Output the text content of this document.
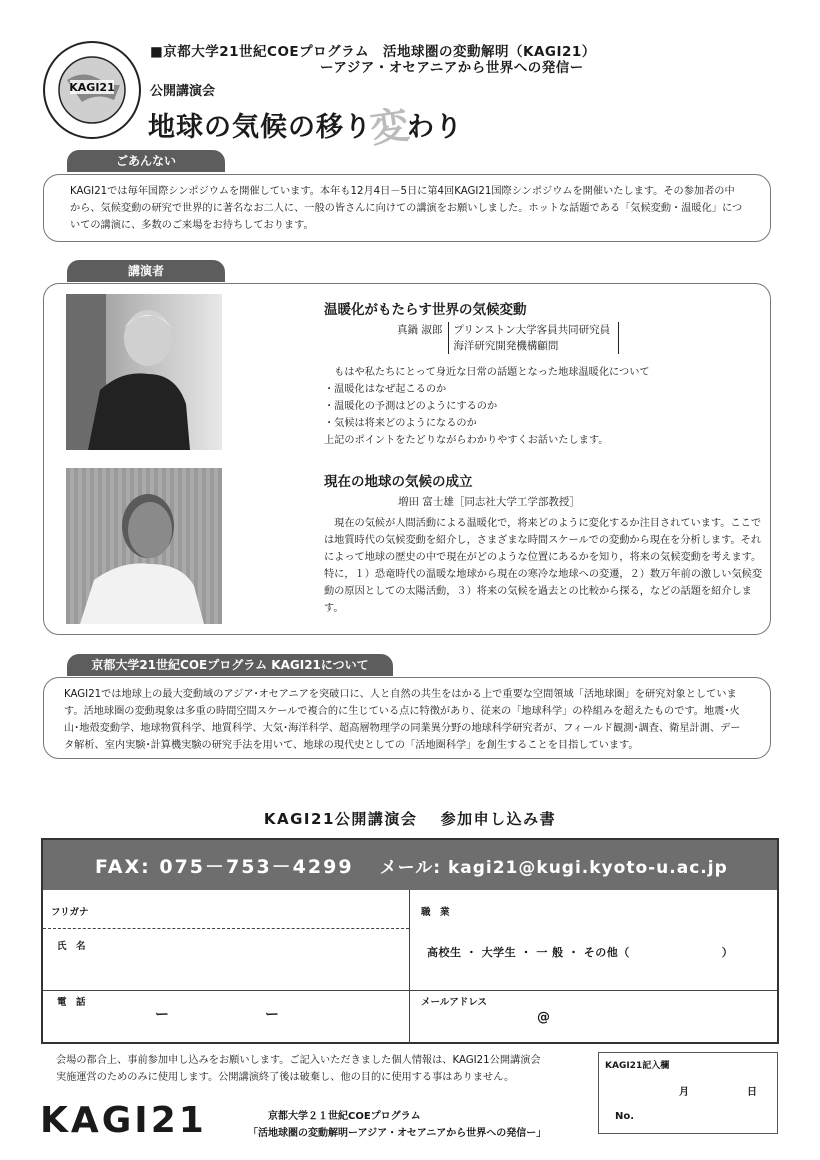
KAGI21
■京都大学21世紀COEプログラム　活地球圏の変動解明（KAGI21）
ーアジア・オセアニアから世界への発信ー
公開講演会
地球の気候の移り変わり
ごあんない
KAGI21では毎年国際シンポジウムを開催しています。本年も12月4日－5日に第4回KAGI21国際シンポジウムを開催いたします。その参加者の中から、気候変動の研究で世界的に著名なお二人に、一般の皆さんに向けての講演をお願いしました。ホットな話題である「気候変動・温暖化」についての講演に、多数のご来場をお待ちしております。
講演者
温暖化がもたらす世界の気候変動
真鍋 淑郎 プリンストン大学客員共同研究員
海洋研究開発機構顧問
　もはや私たちにとって身近な日常の話題となった地球温暖化について
・温暖化はなぜ起こるのか
・温暖化の予測はどのようにするのか
・気候は将来どのようになるのか
上記のポイントをたどりながらわかりやすくお話いたします。
現在の地球の気候の成立
増田 富士雄［同志社大学工学部教授］
　現在の気候が人間活動による温暖化で，将来どのように変化するか注目されています。ここでは地質時代の気候変動を紹介し，さまざまな時間スケールでの変動から現在を分析します。それによって地球の歴史の中で現在がどのような位置にあるかを知り，将来の気候変動を考えます。特に，１）恐竜時代の温暖な地球から現在の寒冷な地球への変遷，２）数万年前の激しい気候変動の原因としての太陽活動，３）将来の気候を過去との比較から探る，などの話題を紹介します。
京都大学21世紀COEプログラム KAGI21について
KAGI21では地球上の最大変動域のアジア･オセアニアを突破口に、人と自然の共生をはかる上で重要な空間領域「活地球圏」を研究対象としています。活地球圏の変動現象は多重の時間空間スケールで複合的に生じている点に特徴があり、従来の「地球科学」の枠組みを超えたものです。地震･火山･地殻変動学、地球物質科学、地質科学、大気･海洋科学、超高層物理学の同業異分野の地球科学研究者が、フィールド観測･調査、衛星計測、データ解析、室内実験･計算機実験の研究手法を用いて、地球の現代史としての「活地圏科学」を創生することを目指しています。
KAGI21公開講演会　 参加申し込み書
FAX: 075－753－4299 メール: kagi21@kugi.kyoto-u.ac.jp
フリガナ
氏　名
職　業
高校生 ・ 大学生 ・ 一 般 ・ その他（　　　　　　　　）
電　話
ー	ー
メールアドレス
@
会場の都合上、事前参加申し込みをお願いします。ご記入いただきました個人情報は、KAGI21公開講演会
実施運営のためのみに使用します。公開講演終了後は破棄し、他の目的に使用する事はありません。
KAGI21記入欄
月	日
No.
KAGI21	京都大学２１世紀COEプログラム
「活地球圏の変動解明ーアジア・オセアニアから世界への発信ー」
